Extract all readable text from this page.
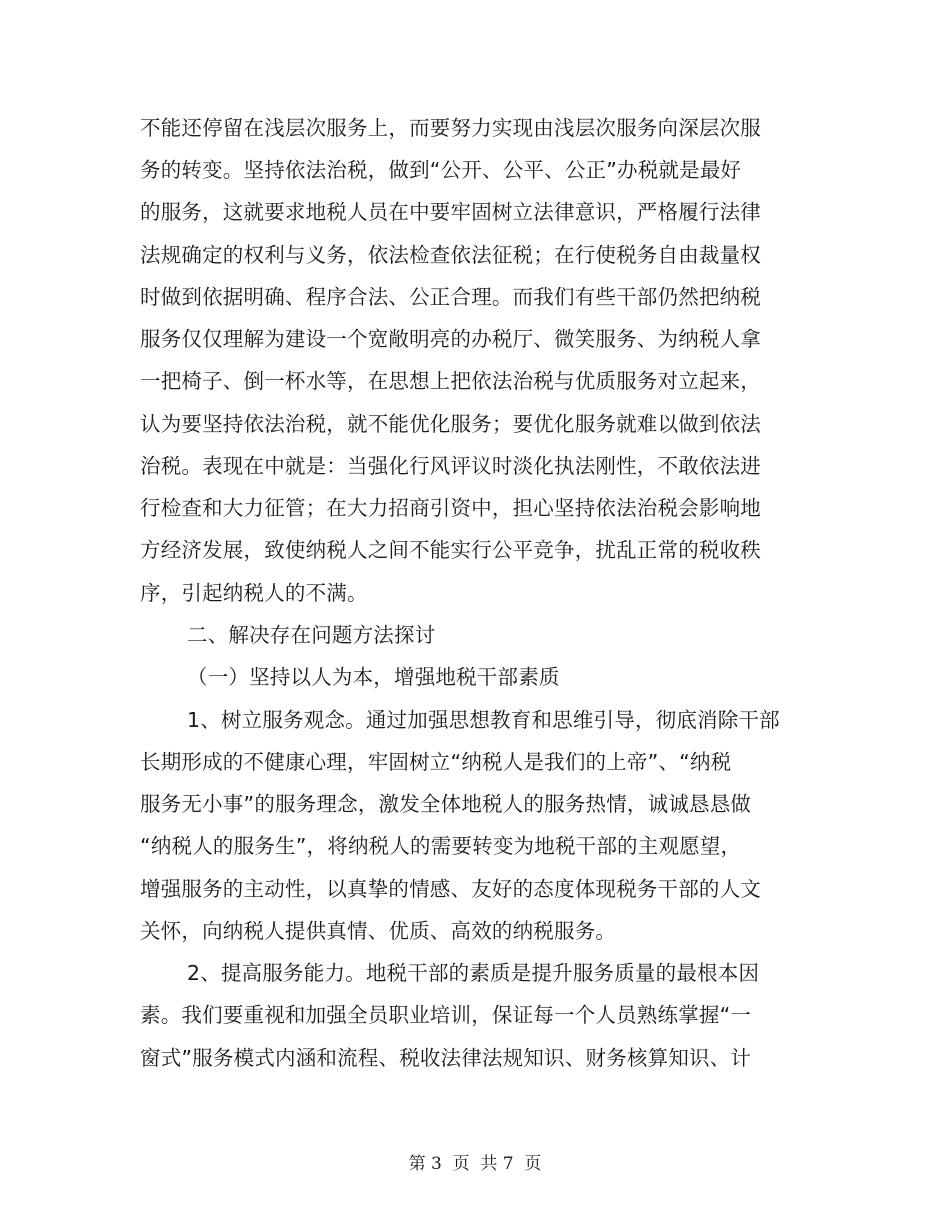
不能还停留在浅层次服务上，而要努力实现由浅层次服务向深层次服
务的转变。坚持依法治税，做到“公开、公平、公正”办税就是最好
的服务，这就要求地税人员在中要牢固树立法律意识，严格履行法律
法规确定的权利与义务，依法检查依法征税；在行使税务自由裁量权
时做到依据明确、程序合法、公正合理。而我们有些干部仍然把纳税
服务仅仅理解为建设一个宽敞明亮的办税厅、微笑服务、为纳税人拿
一把椅子、倒一杯水等，在思想上把依法治税与优质服务对立起来，
认为要坚持依法治税，就不能优化服务；要优化服务就难以做到依法
治税。表现在中就是：当强化行风评议时淡化执法刚性，不敢依法进
行检查和大力征管；在大力招商引资中，担心坚持依法治税会影响地
方经济发展，致使纳税人之间不能实行公平竞争，扰乱正常的税收秩
序，引起纳税人的不满。
二、解决存在问题方法探讨
（一）坚持以人为本，增强地税干部素质
1、树立服务观念。通过加强思想教育和思维引导，彻底消除干部
长期形成的不健康心理，牢固树立“纳税人是我们的上帝”、“纳税
服务无小事”的服务理念，激发全体地税人的服务热情，诚诚恳恳做
“纳税人的服务生”，将纳税人的需要转变为地税干部的主观愿望，
增强服务的主动性，以真挚的情感、友好的态度体现税务干部的人文
关怀，向纳税人提供真情、优质、高效的纳税服务。
2、提高服务能力。地税干部的素质是提升服务质量的最根本因
素。我们要重视和加强全员职业培训，保证每一个人员熟练掌握“一
窗式”服务模式内涵和流程、税收法律法规知识、财务核算知识、计
第 3  页  共 7  页
